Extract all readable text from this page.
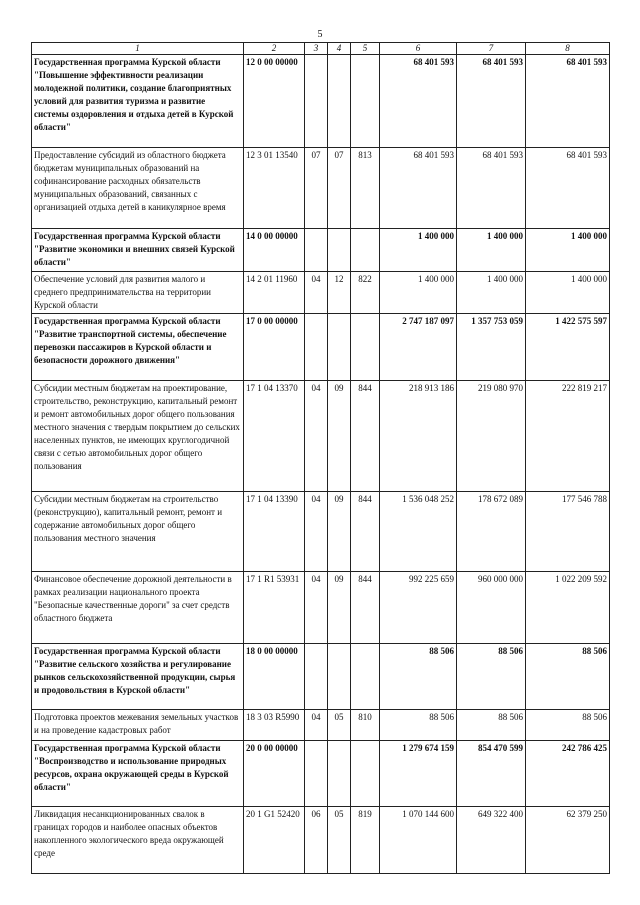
5
1	2	3	4	5	6	7	8
Государственная программа Курской области "Повышение эффективности реализации молодежной политики, создание благоприятных условий для развития туризма и развитие системы оздоровления и отдыха детей в Курской области"	12 0 00 00000				68 401 593	68 401 593	68 401 593
Предоставление субсидий из областного бюджета бюджетам муниципальных образований на софинансирование расходных обязательств муниципальных образований, связанных с организацией отдыха детей в каникулярное время	12 3 01 13540	07	07	813	68 401 593	68 401 593	68 401 593
Государственная программа Курской области "Развитие экономики и внешних связей Курской области"	14 0 00 00000				1 400 000	1 400 000	1 400 000
Обеспечение условий для развития малого и среднего предпринимательства на территории Курской области	14 2 01 11960	04	12	822	1 400 000	1 400 000	1 400 000
Государственная программа Курской области "Развитие транспортной системы, обеспечение перевозки пассажиров в Курской области и безопасности дорожного движения"	17 0 00 00000				2 747 187 097	1 357 753 059	1 422 575 597
Субсидии местным бюджетам на проектирование, строительство, реконструкцию, капитальный ремонт и ремонт автомобильных дорог общего пользования местного значения с твердым покрытием до сельских населенных пунктов, не имеющих круглогодичной связи с сетью автомобильных дорог общего пользования	17 1 04 13370	04	09	844	218 913 186	219 080 970	222 819 217
Субсидии местным бюджетам на строительство (реконструкцию), капитальный ремонт, ремонт и содержание автомобильных дорог общего пользования местного значения	17 1 04 13390	04	09	844	1 536 048 252	178 672 089	177 546 788
Финансовое обеспечение дорожной деятельности в рамках реализации национального проекта "Безопасные качественные дороги" за счет средств областного бюджета	17 1 R1 53931	04	09	844	992 225 659	960 000 000	1 022 209 592
Государственная программа Курской области "Развитие сельского хозяйства и регулирование рынков сельскохозяйственной продукции, сырья и продовольствия в Курской области"	18 0 00 00000				88 506	88 506	88 506
Подготовка проектов межевания земельных участков и на проведение кадастровых работ	18 3 03 R5990	04	05	810	88 506	88 506	88 506
Государственная программа Курской области "Воспроизводство и использование природных ресурсов, охрана окружающей среды в Курской области"	20 0 00 00000				1 279 674 159	854 470 599	242 786 425
Ликвидация несанкционированных свалок в границах городов и наиболее опасных объектов накопленного экологического вреда окружающей среде	20 1 G1 52420	06	05	819	1 070 144 600	649 322 400	62 379 250
